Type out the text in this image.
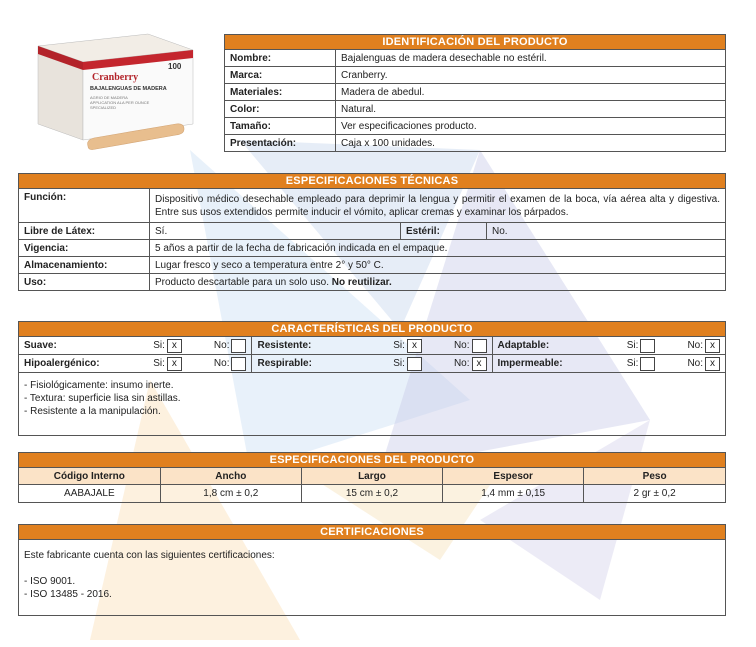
Cranberry
100
BAJALENGUAS DE MADERA
AGRIO DE MADERA
APPLICATION ALA PER OUNCE
SPECIALIZED
IDENTIFICACIÓN DEL PRODUCTO
Nombre:	Bajalenguas de madera desechable no estéril.
Marca:	Cranberry.
Materiales:	Madera de abedul.
Color:	Natural.
Tamaño:	Ver especificaciones producto.
Presentación:	Caja x 100 unidades.
ESPECIFICACIONES TÉCNICAS
Función:	Dispositivo médico desechable empleado para deprimir la lengua y permitir el examen de la boca, vía aérea alta y digestiva. Entre sus usos extendidos permite inducir el vómito, aplicar cremas y examinar los párpados.		
Libre de Látex:	Sí.	Estéril:	No.
Vigencia:	5 años a partir de la fecha de fabricación indicada en el empaque.		
Almacenamiento:	Lugar fresco y seco a temperatura entre 2° y 50° C.		
Uso:	Producto descartable para un solo uso. No reutilizar.		
CARACTERÍSTICAS DEL PRODUCTO
Suave: Si: x No:	Resistente: Si: x No:	Adaptable: Si: No: x

Hipoalergénico: Si: x No:	Respirable: Si: No: x	Impermeable: Si: No: x

- Fisiológicamente: insumo inerte.
- Textura: superficie lisa sin astillas.
- Resistente a la manipulación.		
ESPECIFICACIONES DEL PRODUCTO
Código Interno	Ancho	Largo	Espesor	Peso
AABAJALE	1,8 cm ± 0,2	15 cm ± 0,2	1,4 mm ± 0,15	2 gr ± 0,2
CERTIFICACIONES
Este fabricante cuenta con las siguientes certificaciones:
- ISO 9001.
- ISO 13485 - 2016.
